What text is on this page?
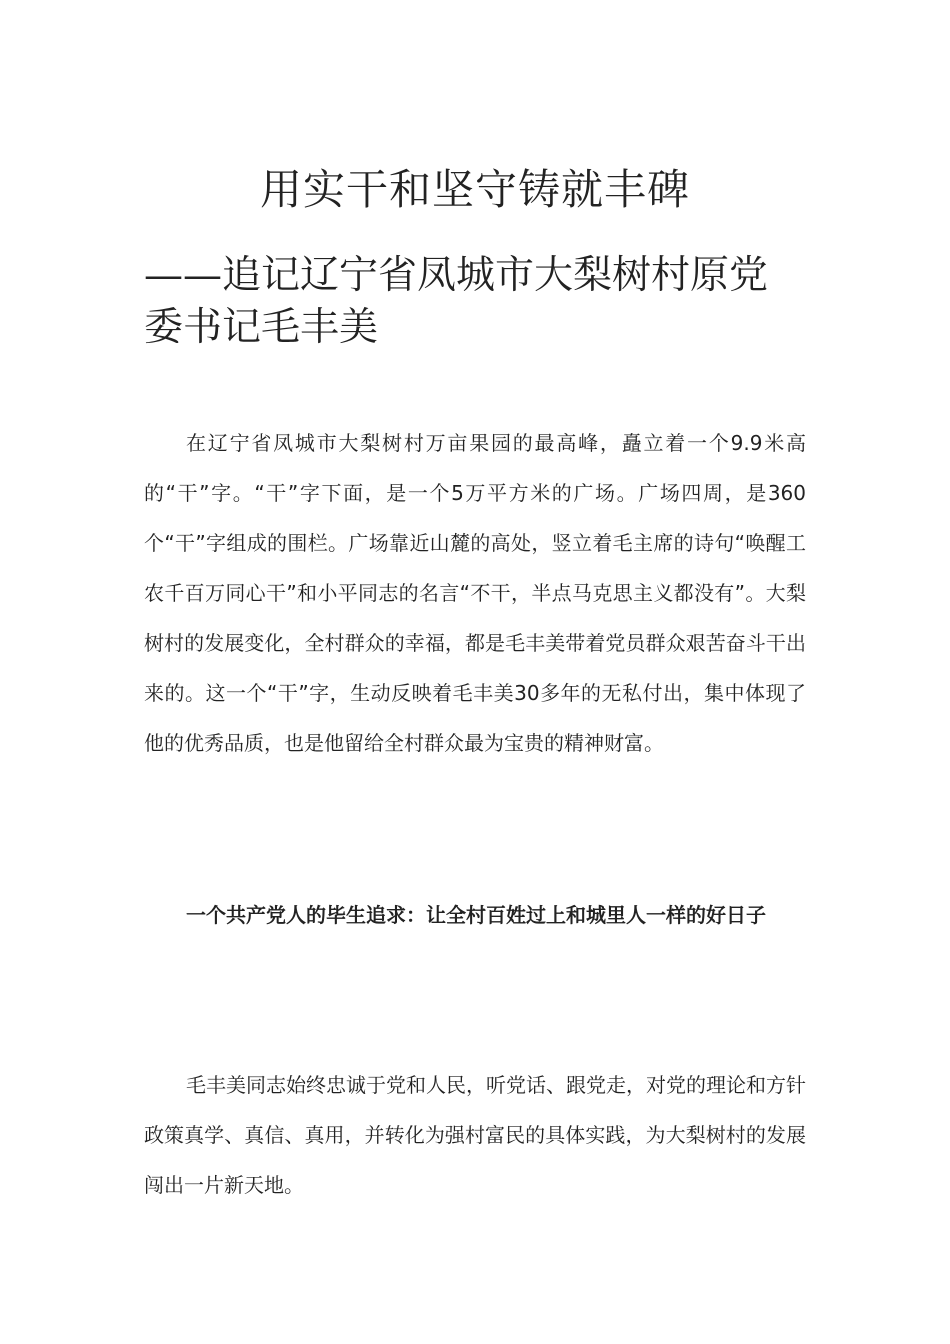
用实干和坚守铸就丰碑
——追记辽宁省凤城市大梨树村原党委书记毛丰美

在辽宁省凤城市大梨树村万亩果园的最高峰，矗立着一个9.9米高的“干”字。“干”字下面，是一个5万平方米的广场。广场四周，是360个“干”字组成的围栏。广场靠近山麓的高处，竖立着毛主席的诗句“唤醒工农千百万同心干”和小平同志的名言“不干，半点马克思主义都没有”。大梨树村的发展变化，全村群众的幸福，都是毛丰美带着党员群众艰苦奋斗干出来的。这一个“干”字，生动反映着毛丰美30多年的无私付出，集中体现了他的优秀品质，也是他留给全村群众最为宝贵的精神财富。

一个共产党人的毕生追求：让全村百姓过上和城里人一样的好日子

毛丰美同志始终忠诚于党和人民，听党话、跟党走，对党的理论和方针政策真学、真信、真用，并转化为强村富民的具体实践，为大梨树村的发展闯出一片新天地。
